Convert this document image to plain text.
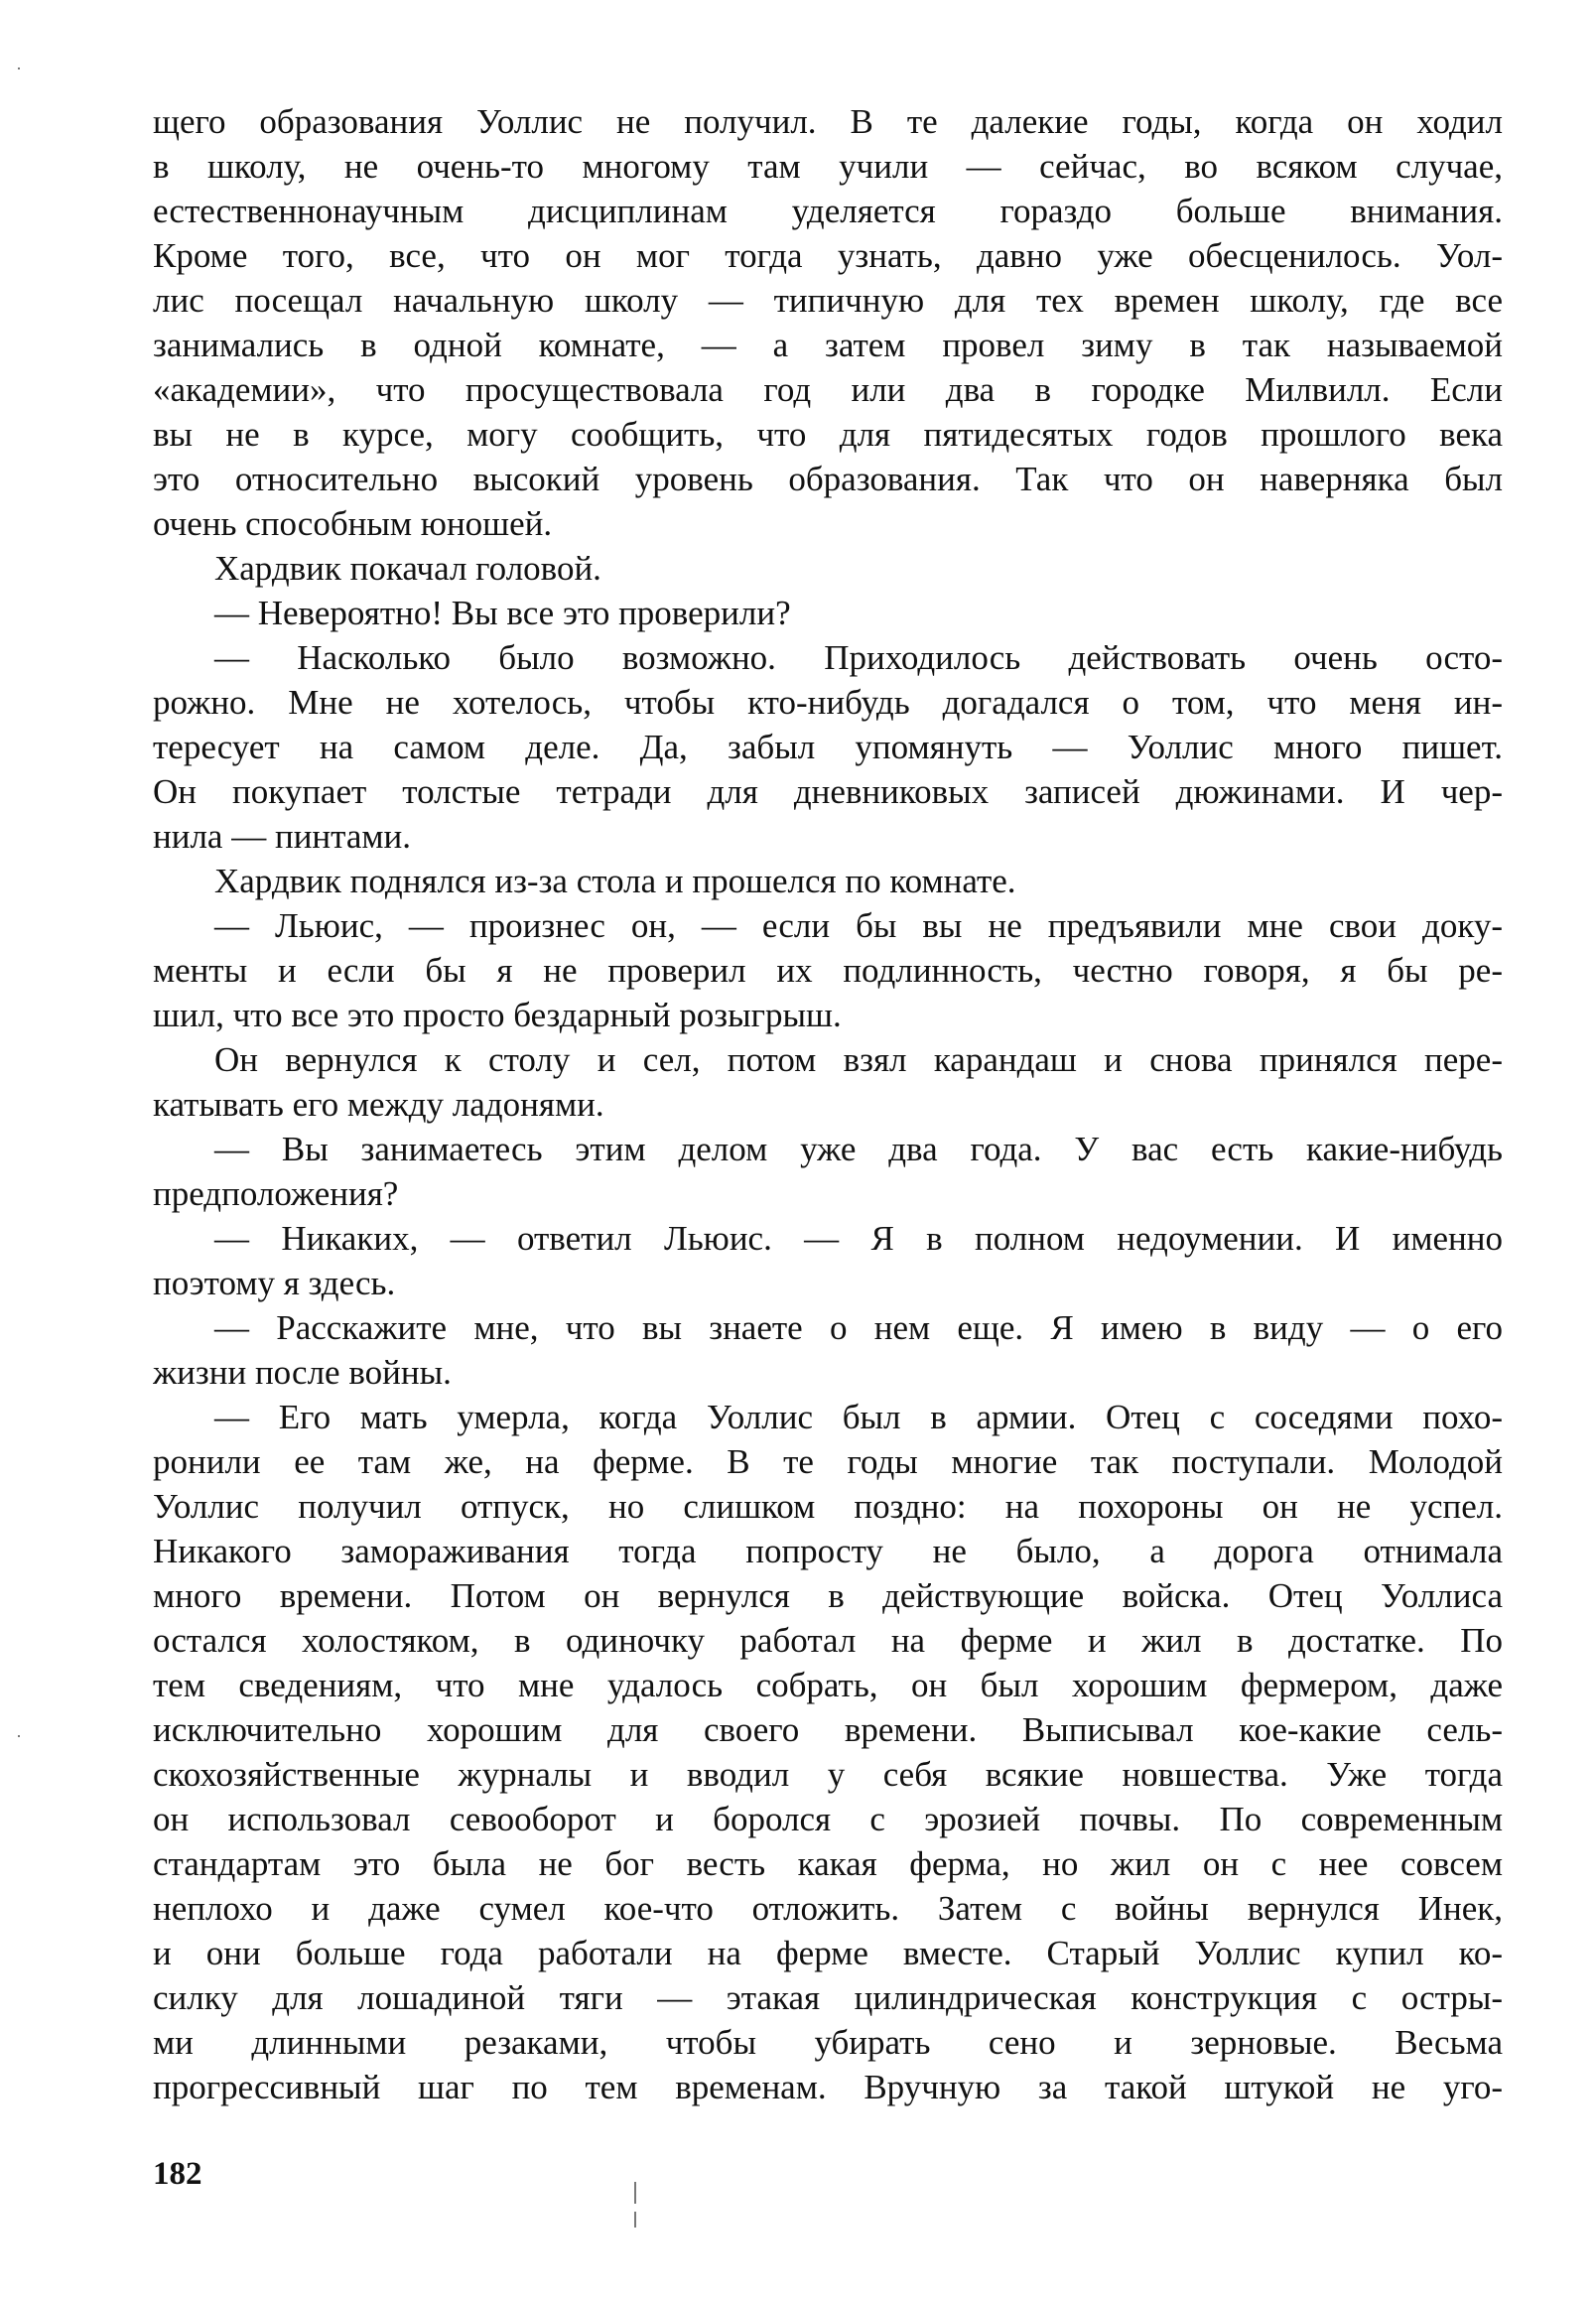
щего образования Уоллис не получил. В те далекие годы, когда он ходил
в школу, не очень-то многому там учили — сейчас, во всяком случае,
естественнонаучным дисциплинам уделяется гораздо больше внимания.
Кроме того, все, что он мог тогда узнать, давно уже обесценилось. Уол-
лис посещал начальную школу — типичную для тех времен школу, где все
занимались в одной комнате, — а затем провел зиму в так называемой
«академии», что просуществовала год или два в городке Милвилл. Если
вы не в курсе, могу сообщить, что для пятидесятых годов прошлого века
это относительно высокий уровень образования. Так что он наверняка был
очень способным юношей.
Хардвик покачал головой.
— Невероятно! Вы все это проверили?
— Насколько было возможно. Приходилось действовать очень осто-
рожно. Мне не хотелось, чтобы кто-нибудь догадался о том, что меня ин-
тересует на самом деле. Да, забыл упомянуть — Уоллис много пишет.
Он покупает толстые тетради для дневниковых записей дюжинами. И чер-
нила — пинтами.
Хардвик поднялся из-за стола и прошелся по комнате.
— Льюис, — произнес он, — если бы вы не предъявили мне свои доку-
менты и если бы я не проверил их подлинность, честно говоря, я бы ре-
шил, что все это просто бездарный розыгрыш.
Он вернулся к столу и сел, потом взял карандаш и снова принялся пере-
катывать его между ладонями.
— Вы занимаетесь этим делом уже два года. У вас есть какие-нибудь
предположения?
— Никаких, — ответил Льюис. — Я в полном недоумении. И именно
поэтому я здесь.
— Расскажите мне, что вы знаете о нем еще. Я имею в виду — о его
жизни после войны.
— Его мать умерла, когда Уоллис был в армии. Отец с соседями похо-
ронили ее там же, на ферме. В те годы многие так поступали. Молодой
Уоллис получил отпуск, но слишком поздно: на похороны он не успел.
Никакого замораживания тогда попросту не было, а дорога отнимала
много времени. Потом он вернулся в действующие войска. Отец Уоллиса
остался холостяком, в одиночку работал на ферме и жил в достатке. По
тем сведениям, что мне удалось собрать, он был хорошим фермером, даже
исключительно хорошим для своего времени. Выписывал кое-какие сель-
скохозяйственные журналы и вводил у себя всякие новшества. Уже тогда
он использовал севооборот и боролся с эрозией почвы. По современным
стандартам это была не бог весть какая ферма, но жил он с нее совсем
неплохо и даже сумел кое-что отложить. Затем с войны вернулся Инек,
и они больше года работали на ферме вместе. Старый Уоллис купил ко-
силку для лошадиной тяги — этакая цилиндрическая конструкция с остры-
ми длинными резаками, чтобы убирать сено и зерновые. Весьма
прогрессивный шаг по тем временам. Вручную за такой штукой не уго-
182
